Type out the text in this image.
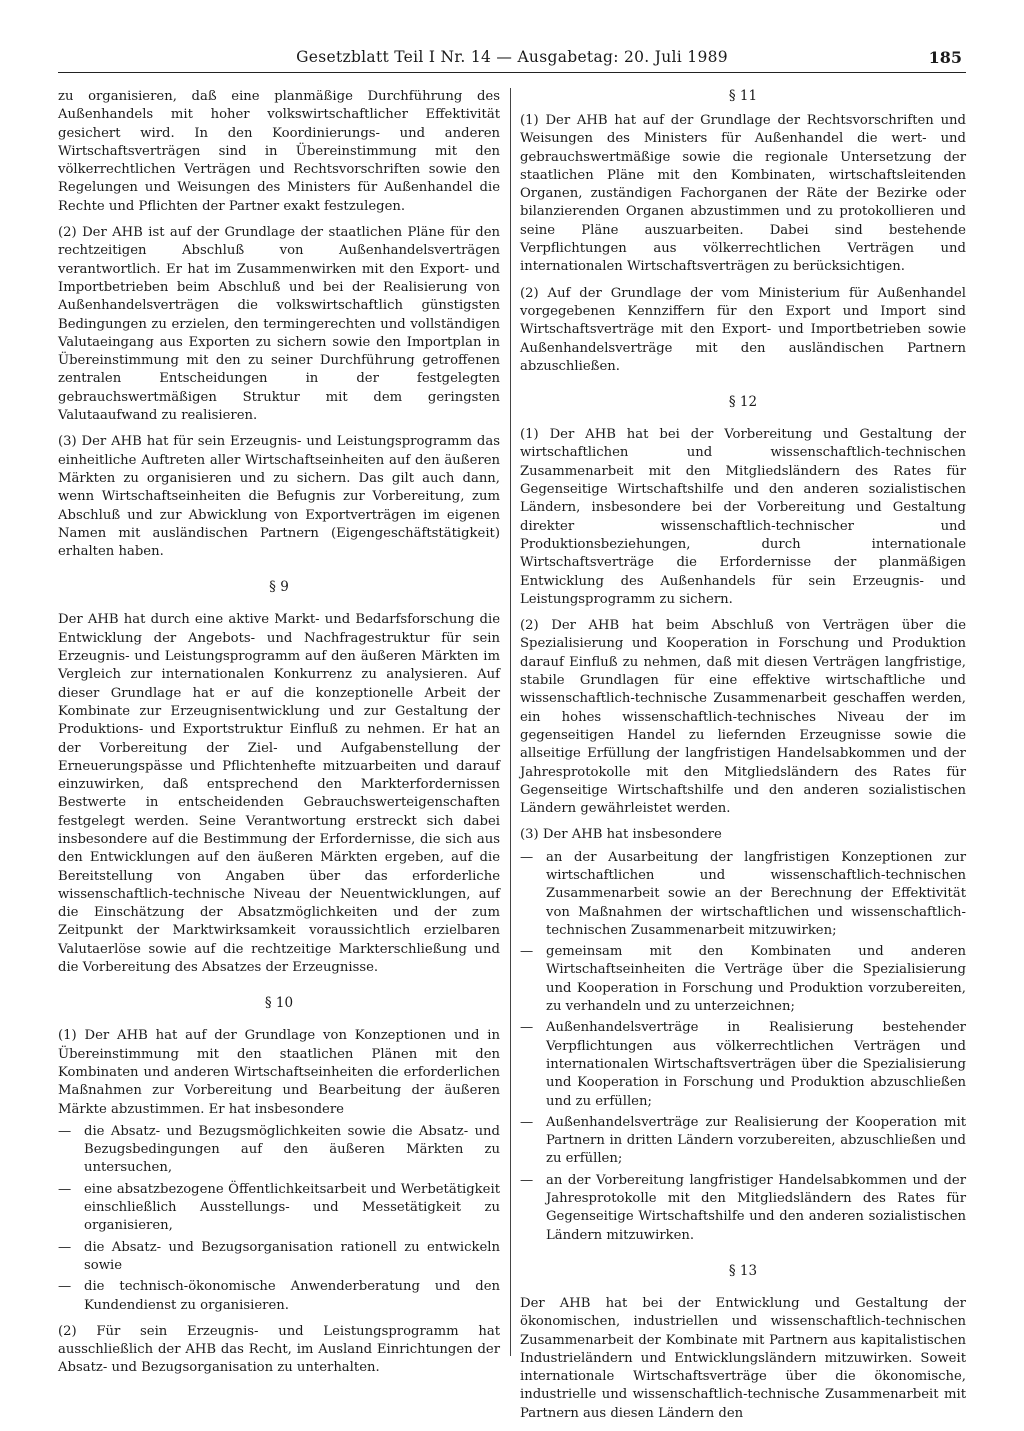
Gesetzblatt Teil I Nr. 14 — Ausgabetag: 20. Juli 1989	185

zu organisieren, daß eine planmäßige Durchführung des Außenhandels mit hoher volkswirtschaftlicher Effektivität gesichert wird. In den Koordinierungs- und anderen Wirtschaftsverträgen sind in Übereinstimmung mit den völkerrechtlichen Verträgen und Rechtsvorschriften sowie den Regelungen und Weisungen des Ministers für Außenhandel die Rechte und Pflichten der Partner exakt festzulegen.

(2) Der AHB ist auf der Grundlage der staatlichen Pläne für den rechtzeitigen Abschluß von Außenhandelsverträgen verantwortlich. Er hat im Zusammenwirken mit den Export- und Importbetrieben beim Abschluß und bei der Realisierung von Außenhandelsverträgen die volkswirtschaftlich günstigsten Bedingungen zu erzielen, den termingerechten und vollständigen Valutaeingang aus Exporten zu sichern sowie den Importplan in Übereinstimmung mit den zu seiner Durchführung getroffenen zentralen Entscheidungen in der festgelegten gebrauchswertmäßigen Struktur mit dem geringsten Valutaaufwand zu realisieren.

(3) Der AHB hat für sein Erzeugnis- und Leistungsprogramm das einheitliche Auftreten aller Wirtschaftseinheiten auf den äußeren Märkten zu organisieren und zu sichern. Das gilt auch dann, wenn Wirtschaftseinheiten die Befugnis zur Vorbereitung, zum Abschluß und zur Abwicklung von Exportverträgen im eigenen Namen mit ausländischen Partnern (Eigengeschäftstätigkeit) erhalten haben.

§ 9

Der AHB hat durch eine aktive Markt- und Bedarfsforschung die Entwicklung der Angebots- und Nachfragestruktur für sein Erzeugnis- und Leistungsprogramm auf den äußeren Märkten im Vergleich zur internationalen Konkurrenz zu analysieren. Auf dieser Grundlage hat er auf die konzeptionelle Arbeit der Kombinate zur Erzeugnisentwicklung und zur Gestaltung der Produktions- und Exportstruktur Einfluß zu nehmen. Er hat an der Vorbereitung der Ziel- und Aufgabenstellung der Erneuerungspässe und Pflichtenhefte mitzuarbeiten und darauf einzuwirken, daß entsprechend den Markterfordernissen Bestwerte in entscheidenden Gebrauchswerteigenschaften festgelegt werden. Seine Verantwortung erstreckt sich dabei insbesondere auf die Bestimmung der Erfordernisse, die sich aus den Entwicklungen auf den äußeren Märkten ergeben, auf die Bereitstellung von Angaben über das erforderliche wissenschaftlich-technische Niveau der Neuentwicklungen, auf die Einschätzung der Absatzmöglichkeiten und der zum Zeitpunkt der Marktwirksamkeit voraussichtlich erzielbaren Valutaerlöse sowie auf die rechtzeitige Markterschließung und die Vorbereitung des Absatzes der Erzeugnisse.

§ 10

(1) Der AHB hat auf der Grundlage von Konzeptionen und in Übereinstimmung mit den staatlichen Plänen mit den Kombinaten und anderen Wirtschaftseinheiten die erforderlichen Maßnahmen zur Vorbereitung und Bearbeitung der äußeren Märkte abzustimmen. Er hat insbesondere

— die Absatz- und Bezugsmöglichkeiten sowie die Absatz- und Bezugsbedingungen auf den äußeren Märkten zu untersuchen,
— eine absatzbezogene Öffentlichkeitsarbeit und Werbetätigkeit einschließlich Ausstellungs- und Messetätigkeit zu organisieren,
— die Absatz- und Bezugsorganisation rationell zu entwickeln sowie
— die technisch-ökonomische Anwenderberatung und den Kundendienst zu organisieren.

(2) Für sein Erzeugnis- und Leistungsprogramm hat ausschließlich der AHB das Recht, im Ausland Einrichtungen der Absatz- und Bezugsorganisation zu unterhalten.

§ 11

(1) Der AHB hat auf der Grundlage der Rechtsvorschriften und Weisungen des Ministers für Außenhandel die wert- und gebrauchswertmäßige sowie die regionale Untersetzung der staatlichen Pläne mit den Kombinaten, wirtschaftsleitenden Organen, zuständigen Fachorganen der Räte der Bezirke oder bilanzierenden Organen abzustimmen und zu protokollieren und seine Pläne auszuarbeiten. Dabei sind bestehende Verpflichtungen aus völkerrechtlichen Verträgen und internationalen Wirtschaftsverträgen zu berücksichtigen.

(2) Auf der Grundlage der vom Ministerium für Außenhandel vorgegebenen Kennziffern für den Export und Import sind Wirtschaftsverträge mit den Export- und Importbetrieben sowie Außenhandelsverträge mit den ausländischen Partnern abzuschließen.

§ 12

(1) Der AHB hat bei der Vorbereitung und Gestaltung der wirtschaftlichen und wissenschaftlich-technischen Zusammenarbeit mit den Mitgliedsländern des Rates für Gegenseitige Wirtschaftshilfe und den anderen sozialistischen Ländern, insbesondere bei der Vorbereitung und Gestaltung direkter wissenschaftlich-technischer und Produktionsbeziehungen, durch internationale Wirtschaftsverträge die Erfordernisse der planmäßigen Entwicklung des Außenhandels für sein Erzeugnis- und Leistungsprogramm zu sichern.

(2) Der AHB hat beim Abschluß von Verträgen über die Spezialisierung und Kooperation in Forschung und Produktion darauf Einfluß zu nehmen, daß mit diesen Verträgen langfristige, stabile Grundlagen für eine effektive wirtschaftliche und wissenschaftlich-technische Zusammenarbeit geschaffen werden, ein hohes wissenschaftlich-technisches Niveau der im gegenseitigen Handel zu liefernden Erzeugnisse sowie die allseitige Erfüllung der langfristigen Handelsabkommen und der Jahresprotokolle mit den Mitgliedsländern des Rates für Gegenseitige Wirtschaftshilfe und den anderen sozialistischen Ländern gewährleistet werden.

(3) Der AHB hat insbesondere

— an der Ausarbeitung der langfristigen Konzeptionen zur wirtschaftlichen und wissenschaftlich-technischen Zusammenarbeit sowie an der Berechnung der Effektivität von Maßnahmen der wirtschaftlichen und wissenschaftlich-technischen Zusammenarbeit mitzuwirken;
— gemeinsam mit den Kombinaten und anderen Wirtschaftseinheiten die Verträge über die Spezialisierung und Kooperation in Forschung und Produktion vorzubereiten, zu verhandeln und zu unterzeichnen;
— Außenhandelsverträge in Realisierung bestehender Verpflichtungen aus völkerrechtlichen Verträgen und internationalen Wirtschaftsverträgen über die Spezialisierung und Kooperation in Forschung und Produktion abzuschließen und zu erfüllen;
— Außenhandelsverträge zur Realisierung der Kooperation mit Partnern in dritten Ländern vorzubereiten, abzuschließen und zu erfüllen;
— an der Vorbereitung langfristiger Handelsabkommen und der Jahresprotokolle mit den Mitgliedsländern des Rates für Gegenseitige Wirtschaftshilfe und den anderen sozialistischen Ländern mitzuwirken.
§ 13

Der AHB hat bei der Entwicklung und Gestaltung der ökonomischen, industriellen und wissenschaftlich-technischen Zusammenarbeit der Kombinate mit Partnern aus kapitalistischen Industrieländern und Entwicklungsländern mitzuwirken. Soweit internationale Wirtschaftsverträge über die ökonomische, industrielle und wissenschaftlich-technische Zusammenarbeit mit Partnern aus diesen Ländern den
